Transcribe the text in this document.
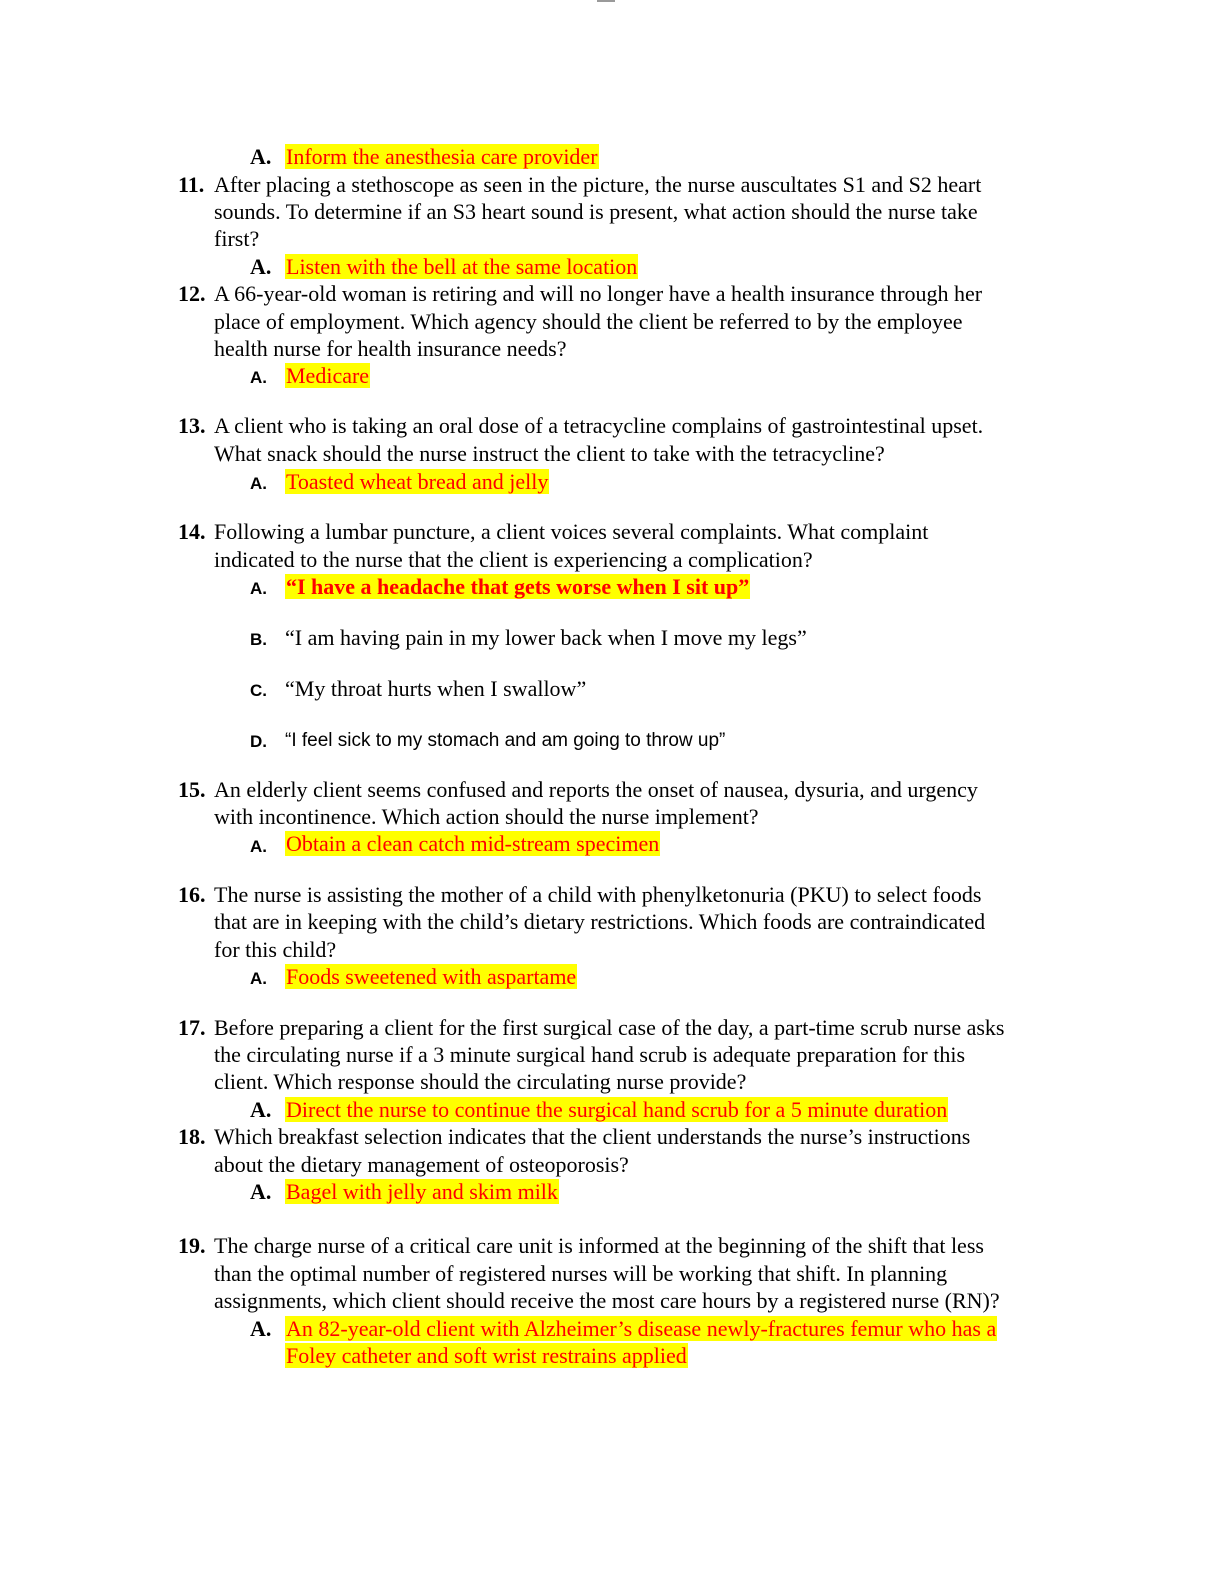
A. Inform the anesthesia care provider
11. After placing a stethoscope as seen in the picture, the nurse auscultates S1 and S2 heart
sounds. To determine if an S3 heart sound is present, what action should the nurse take
first?
A. Listen with the bell at the same location
12. A 66-year-old woman is retiring and will no longer have a health insurance through her
place of employment. Which agency should the client be referred to by the employee
health nurse for health insurance needs?
A. Medicare
13. A client who is taking an oral dose of a tetracycline complains of gastrointestinal upset.
What snack should the nurse instruct the client to take with the tetracycline?
A. Toasted wheat bread and jelly
14. Following a lumbar puncture, a client voices several complaints. What complaint
indicated to the nurse that the client is experiencing a complication?
A. “I have a headache that gets worse when I sit up”
B. “I am having pain in my lower back when I move my legs”
C. “My throat hurts when I swallow”
D. “I feel sick to my stomach and am going to throw up”
15. An elderly client seems confused and reports the onset of nausea, dysuria, and urgency
with incontinence. Which action should the nurse implement?
A. Obtain a clean catch mid-stream specimen
16. The nurse is assisting the mother of a child with phenylketonuria (PKU) to select foods
that are in keeping with the child’s dietary restrictions. Which foods are contraindicated
for this child?
A. Foods sweetened with aspartame
17. Before preparing a client for the first surgical case of the day, a part-time scrub nurse asks
the circulating nurse if a 3 minute surgical hand scrub is adequate preparation for this
client. Which response should the circulating nurse provide?
A. Direct the nurse to continue the surgical hand scrub for a 5 minute duration
18. Which breakfast selection indicates that the client understands the nurse’s instructions
about the dietary management of osteoporosis?
A. Bagel with jelly and skim milk
19. The charge nurse of a critical care unit is informed at the beginning of the shift that less
than the optimal number of registered nurses will be working that shift. In planning
assignments, which client should receive the most care hours by a registered nurse (RN)?
A. An 82-year-old client with Alzheimer’s disease newly-fractures femur who has a
Foley catheter and soft wrist restrains applied
